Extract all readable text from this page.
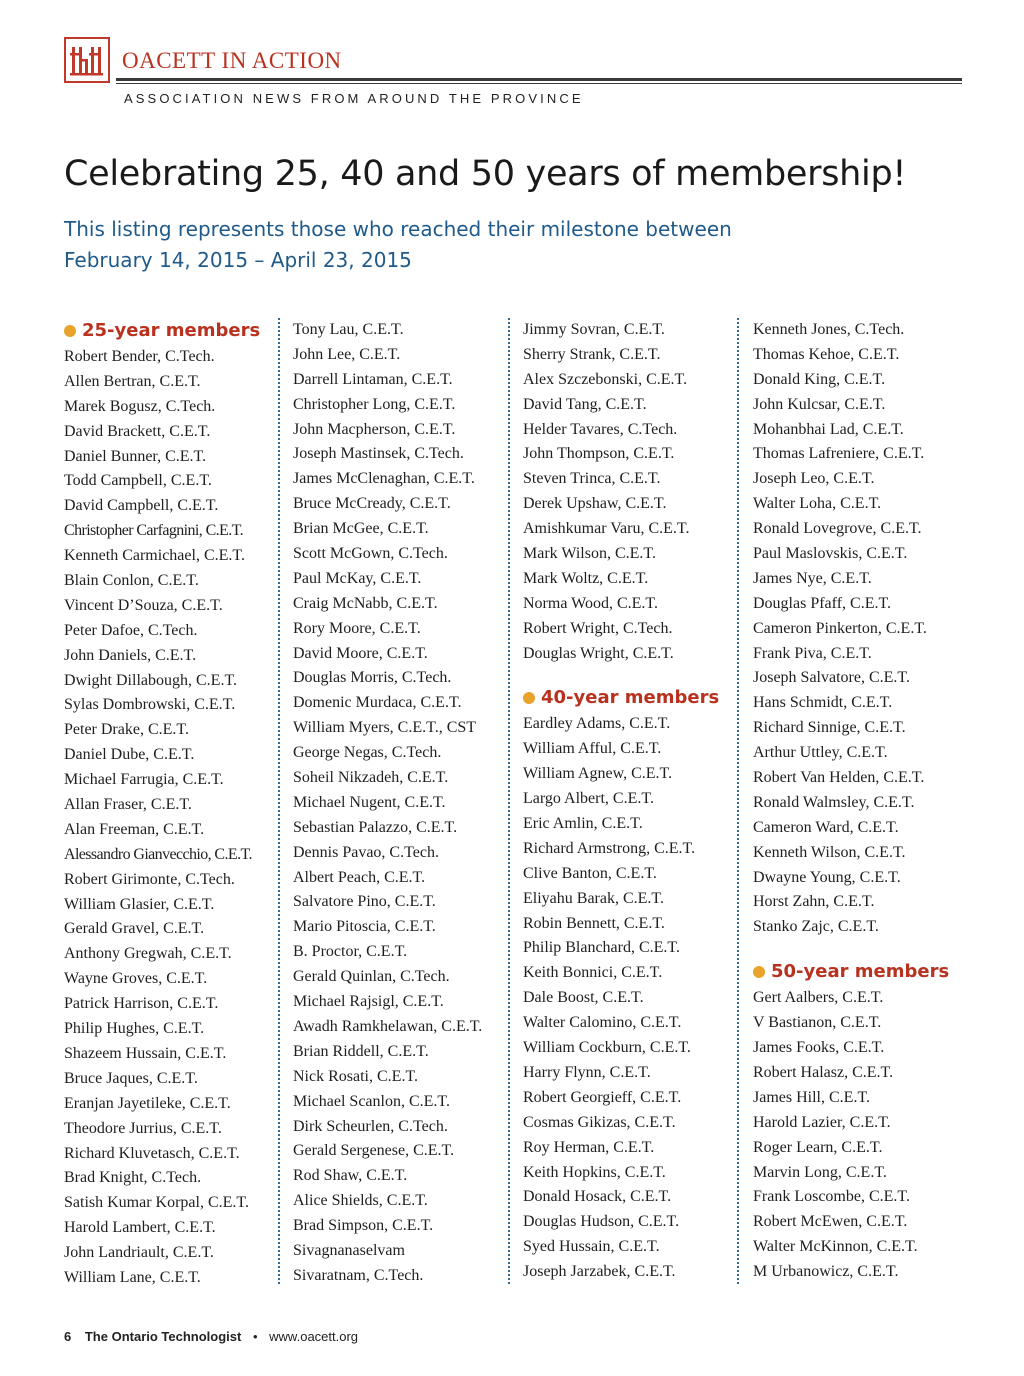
OACETT IN ACTION
ASSOCIATION NEWS FROM AROUND THE PROVINCE
Celebrating 25, 40 and 50 years of membership!
This listing represents those who reached their milestone between
February 14, 2015 – April 23, 2015
25-year members
Robert Bender, C.Tech.
Allen Bertran, C.E.T.
Marek Bogusz, C.Tech.
David Brackett, C.E.T.
Daniel Bunner, C.E.T.
Todd Campbell, C.E.T.
David Campbell, C.E.T.
Christopher Carfagnini, C.E.T.
Kenneth Carmichael, C.E.T.
Blain Conlon, C.E.T.
Vincent D’Souza, C.E.T.
Peter Dafoe, C.Tech.
John Daniels, C.E.T.
Dwight Dillabough, C.E.T.
Sylas Dombrowski, C.E.T.
Peter Drake, C.E.T.
Daniel Dube, C.E.T.
Michael Farrugia, C.E.T.
Allan Fraser, C.E.T.
Alan Freeman, C.E.T.
Alessandro Gianvecchio, C.E.T.
Robert Girimonte, C.Tech.
William Glasier, C.E.T.
Gerald Gravel, C.E.T.
Anthony Gregwah, C.E.T.
Wayne Groves, C.E.T.
Patrick Harrison, C.E.T.
Philip Hughes, C.E.T.
Shazeem Hussain, C.E.T.
Bruce Jaques, C.E.T.
Eranjan Jayetileke, C.E.T.
Theodore Jurrius, C.E.T.
Richard Kluvetasch, C.E.T.
Brad Knight, C.Tech.
Satish Kumar Korpal, C.E.T.
Harold Lambert, C.E.T.
John Landriault, C.E.T.
William Lane, C.E.T.
Tony Lau, C.E.T.
John Lee, C.E.T.
Darrell Lintaman, C.E.T.
Christopher Long, C.E.T.
John Macpherson, C.E.T.
Joseph Mastinsek, C.Tech.
James McClenaghan, C.E.T.
Bruce McCready, C.E.T.
Brian McGee, C.E.T.
Scott McGown, C.Tech.
Paul McKay, C.E.T.
Craig McNabb, C.E.T.
Rory Moore, C.E.T.
David Moore, C.E.T.
Douglas Morris, C.Tech.
Domenic Murdaca, C.E.T.
William Myers, C.E.T., CST
George Negas, C.Tech.
Soheil Nikzadeh, C.E.T.
Michael Nugent, C.E.T.
Sebastian Palazzo, C.E.T.
Dennis Pavao, C.Tech.
Albert Peach, C.E.T.
Salvatore Pino, C.E.T.
Mario Pitoscia, C.E.T.
B. Proctor, C.E.T.
Gerald Quinlan, C.Tech.
Michael Rajsigl, C.E.T.
Awadh Ramkhelawan, C.E.T.
Brian Riddell, C.E.T.
Nick Rosati, C.E.T.
Michael Scanlon, C.E.T.
Dirk Scheurlen, C.Tech.
Gerald Sergenese, C.E.T.
Rod Shaw, C.E.T.
Alice Shields, C.E.T.
Brad Simpson, C.E.T.
Sivagnanaselvam
Sivaratnam, C.Tech.
Jimmy Sovran, C.E.T.
Sherry Strank, C.E.T.
Alex Szczebonski, C.E.T.
David Tang, C.E.T.
Helder Tavares, C.Tech.
John Thompson, C.E.T.
Steven Trinca, C.E.T.
Derek Upshaw, C.E.T.
Amishkumar Varu, C.E.T.
Mark Wilson, C.E.T.
Mark Woltz, C.E.T.
Norma Wood, C.E.T.
Robert Wright, C.Tech.
Douglas Wright, C.E.T.
40-year members
Eardley Adams, C.E.T.
William Afful, C.E.T.
William Agnew, C.E.T.
Largo Albert, C.E.T.
Eric Amlin, C.E.T.
Richard Armstrong, C.E.T.
Clive Banton, C.E.T.
Eliyahu Barak, C.E.T.
Robin Bennett, C.E.T.
Philip Blanchard, C.E.T.
Keith Bonnici, C.E.T.
Dale Boost, C.E.T.
Walter Calomino, C.E.T.
William Cockburn, C.E.T.
Harry Flynn, C.E.T.
Robert Georgieff, C.E.T.
Cosmas Gikizas, C.E.T.
Roy Herman, C.E.T.
Keith Hopkins, C.E.T.
Donald Hosack, C.E.T.
Douglas Hudson, C.E.T.
Syed Hussain, C.E.T.
Joseph Jarzabek, C.E.T.
Kenneth Jones, C.Tech.
Thomas Kehoe, C.E.T.
Donald King, C.E.T.
John Kulcsar, C.E.T.
Mohanbhai Lad, C.E.T.
Thomas Lafreniere, C.E.T.
Joseph Leo, C.E.T.
Walter Loha, C.E.T.
Ronald Lovegrove, C.E.T.
Paul Maslovskis, C.E.T.
James Nye, C.E.T.
Douglas Pfaff, C.E.T.
Cameron Pinkerton, C.E.T.
Frank Piva, C.E.T.
Joseph Salvatore, C.E.T.
Hans Schmidt, C.E.T.
Richard Sinnige, C.E.T.
Arthur Uttley, C.E.T.
Robert Van Helden, C.E.T.
Ronald Walmsley, C.E.T.
Cameron Ward, C.E.T.
Kenneth Wilson, C.E.T.
Dwayne Young, C.E.T.
Horst Zahn, C.E.T.
Stanko Zajc, C.E.T.
50-year members
Gert Aalbers, C.E.T.
V Bastianon, C.E.T.
James Fooks, C.E.T.
Robert Halasz, C.E.T.
James Hill, C.E.T.
Harold Lazier, C.E.T.
Roger Learn, C.E.T.
Marvin Long, C.E.T.
Frank Loscombe, C.E.T.
Robert McEwen, C.E.T.
Walter McKinnon, C.E.T.
M Urbanowicz, C.E.T.
6 The Ontario Technologist • www.oacett.org
